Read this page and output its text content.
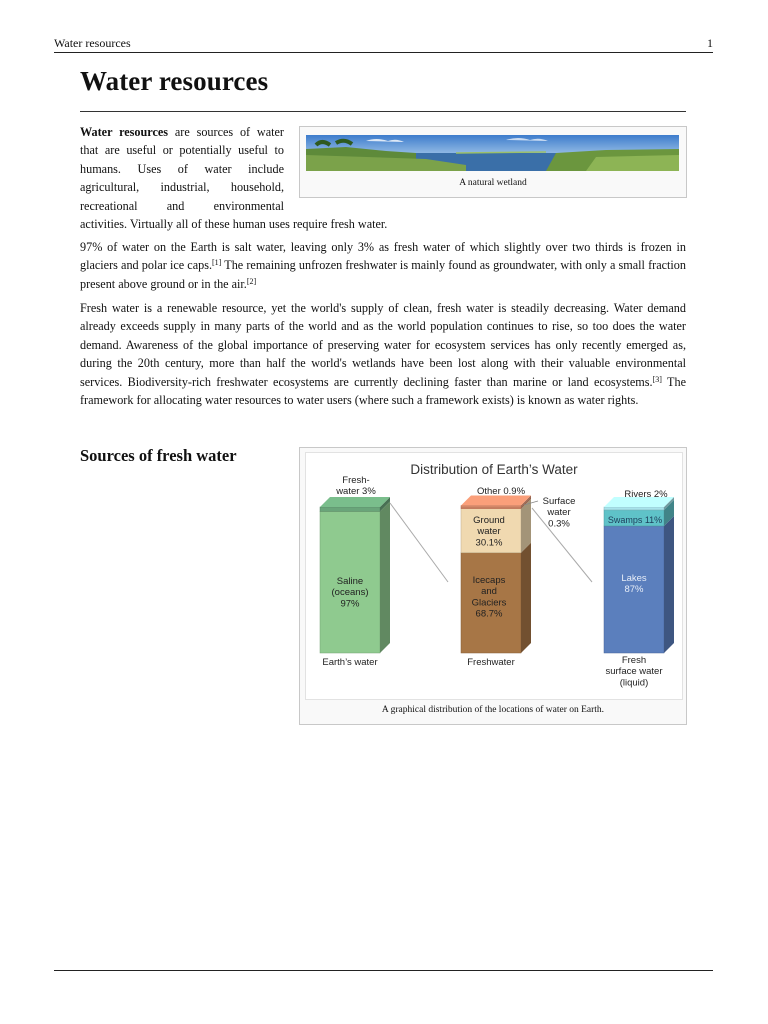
Water resources	1
Water resources

Water resources are sources of water

that are useful or potentially useful to

humans. Uses of water include

agricultural, industrial, household,

recreational and environmental

activities. Virtually all of these human uses require fresh water.

A natural wetland

97% of water on the Earth is salt water, leaving only 3% as fresh water of which slightly over two thirds is frozen in glaciers and polar ice caps.[1] The remaining unfrozen freshwater is mainly found as groundwater, with only a small fraction present above ground or in the air.[2]

Fresh water is a renewable resource, yet the world's supply of clean, fresh water is steadily decreasing. Water demand already exceeds supply in many parts of the world and as the world population continues to rise, so too does the water demand. Awareness of the global importance of preserving water for ecosystem services has only recently emerged as, during the 20th century, more than half the world's wetlands have been lost along with their valuable environmental services. Biodiversity-rich freshwater ecosystems are currently declining faster than marine or land ecosystems.[3] The framework for allocating water resources to water users (where such a framework exists) is known as water rights.

Sources of fresh water
Distribution of Earth’s Water
Fresh-water 3%
Saline (oceans) 97%
Other 0.9%
Surface water 0.3%
Ground water 30.1%
Icecaps and Glaciers 68.7%
Rivers 2%
Swamps 11%
Lakes 87%
Earth’s water	Freshwater	Fresh surface water (liquid)
A graphical distribution of the locations of water on Earth.
